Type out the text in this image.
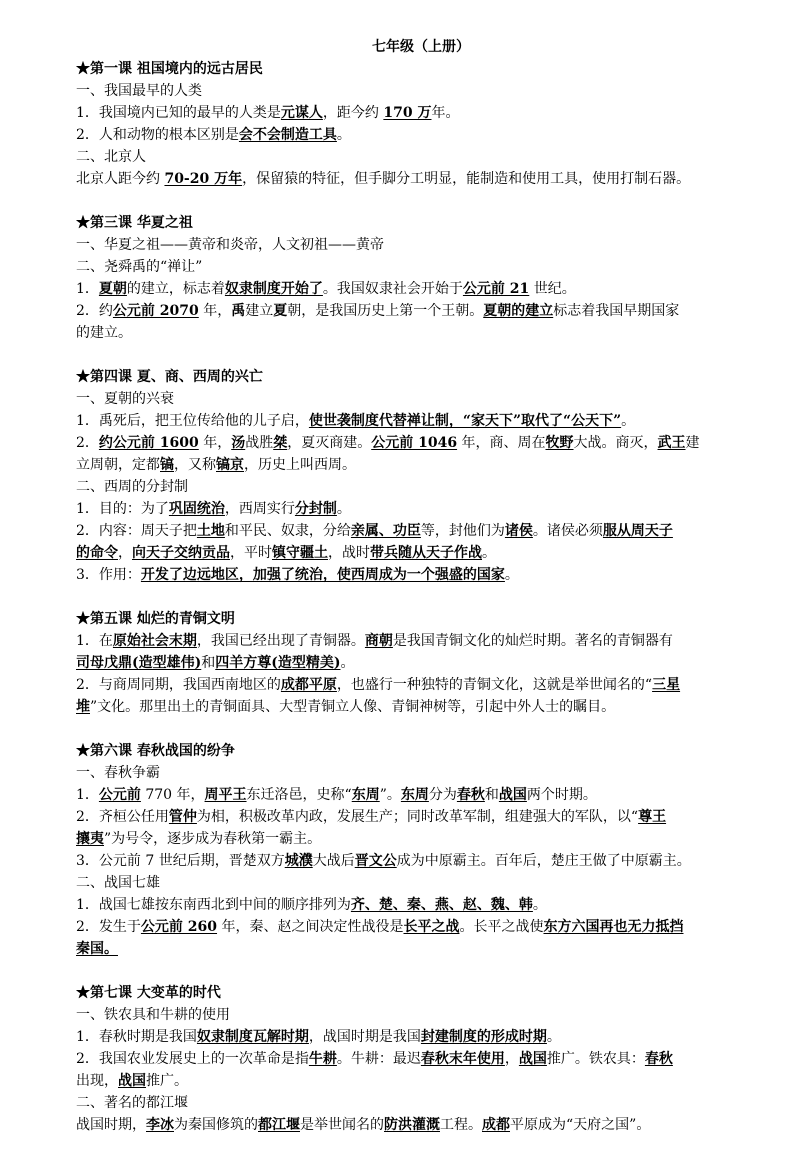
七年级（上册）
★第一课 祖国境内的远古居民
一、我国最早的人类
1．我国境内已知的最早的人类是元谋人，距今约 170 万年。
2．人和动物的根本区别是会不会制造工具。
二、北京人
北京人距今约 70-20 万年，保留猿的特征，但手脚分工明显，能制造和使用工具，使用打制石器。
★第三课 华夏之祖
一、华夏之祖——黄帝和炎帝，人文初祖——黄帝
二、尧舜禹的“禅让”
1．夏朝的建立，标志着奴隶制度开始了。我国奴隶社会开始于公元前 21 世纪。
2．约公元前 2070 年，禹建立夏朝，是我国历史上第一个王朝。夏朝的建立标志着我国早期国家
的建立。
★第四课 夏、商、西周的兴亡
一、夏朝的兴衰
1．禹死后，把王位传给他的儿子启，使世袭制度代替禅让制，“家天下”取代了“公天下”。
2．约公元前 1600 年，汤战胜桀，夏灭商建。公元前 1046 年，商、周在牧野大战。商灭，武王建
立周朝，定都镐，又称镐京，历史上叫西周。
二、西周的分封制
1．目的：为了巩固统治，西周实行分封制。
2．内容：周天子把土地和平民、奴隶，分给亲属、功臣等，封他们为诸侯。诸侯必须服从周天子
的命令，向天子交纳贡品，平时镇守疆土，战时带兵随从天子作战。
3．作用：开发了边远地区，加强了统治，使西周成为一个强盛的国家。
★第五课 灿烂的青铜文明
1．在原始社会末期，我国已经出现了青铜器。商朝是我国青铜文化的灿烂时期。著名的青铜器有
司母戊鼎(造型雄伟)和四羊方尊(造型精美)。
2．与商周同期，我国西南地区的成都平原，也盛行一种独特的青铜文化，这就是举世闻名的“三星
堆”文化。那里出土的青铜面具、大型青铜立人像、青铜神树等，引起中外人士的瞩目。
★第六课 春秋战国的纷争
一、春秋争霸
1．公元前 770 年，周平王东迁洛邑，史称“东周”。东周分为春秋和战国两个时期。
2．齐桓公任用管仲为相，积极改革内政，发展生产；同时改革军制，组建强大的军队，以“尊王
攘夷”为号令，逐步成为春秋第一霸主。
3．公元前 7 世纪后期，晋楚双方城濮大战后晋文公成为中原霸主。百年后，楚庄王做了中原霸主。
二、战国七雄
1．战国七雄按东南西北到中间的顺序排列为齐、楚、秦、燕、赵、魏、韩。
2．发生于公元前 260 年，秦、赵之间决定性战役是长平之战。长平之战使东方六国再也无力抵挡
秦国。
★第七课 大变革的时代
一、铁农具和牛耕的使用
1．春秋时期是我国奴隶制度瓦解时期，战国时期是我国封建制度的形成时期。
2．我国农业发展史上的一次革命是指牛耕。牛耕：最迟春秋末年使用，战国推广。铁农具：春秋
出现，战国推广。
二、著名的都江堰
战国时期，李冰为秦国修筑的都江堰是举世闻名的防洪灌溉工程。成都平原成为“天府之国”。
